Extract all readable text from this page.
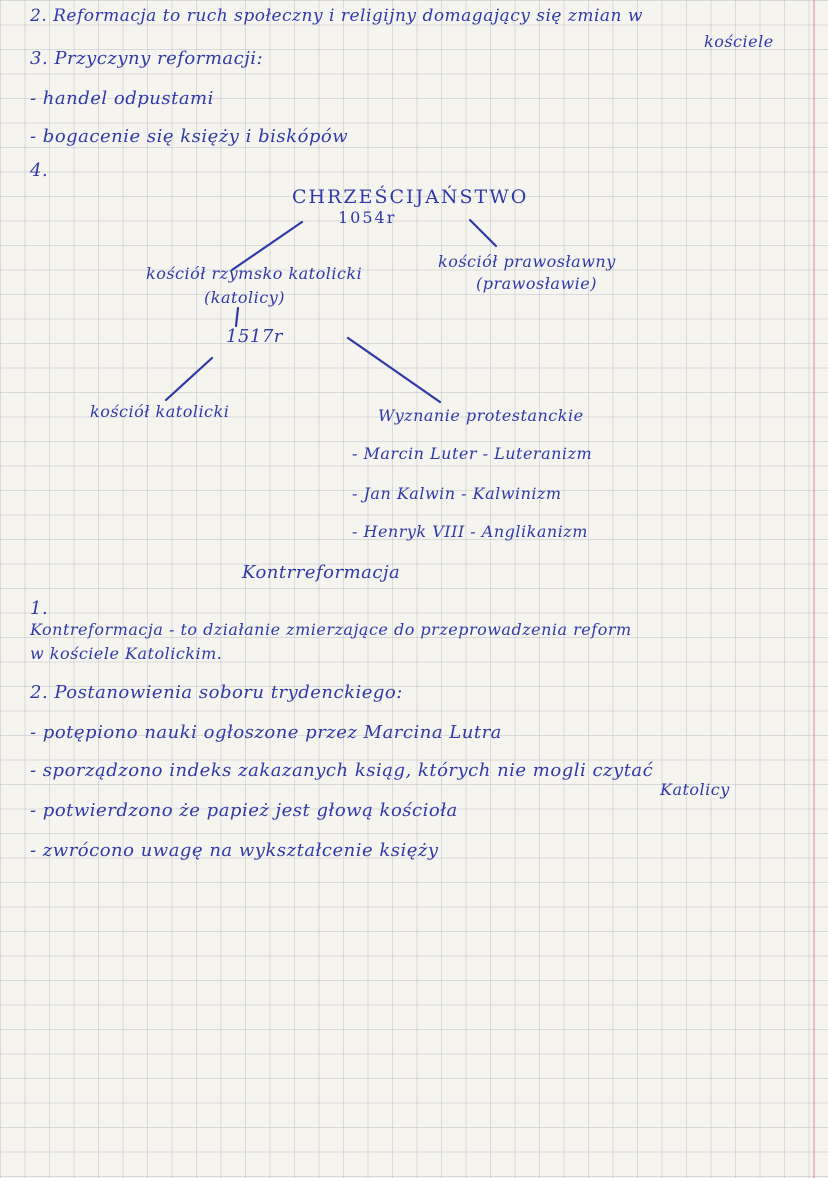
2. Reformacja to ruch społeczny i religijny domagający się zmian w
kościele
3. Przyczyny reformacji:
- handel odpustami
- bogacenie się księży i biskópów
4.
CHRZEŚCIJAŃSTWO
1054r
kościół rzymsko katolicki
(katolicy)
1517r
kościół prawosławny
(prawosławie)
kościół katolicki	Wyznanie protestanckie
- Marcin Luter - Luteranizm
- Jan Kalwin - Kalwinizm
- Henryk VIII - Anglikanizm
Kontrreformacja
1.
Kontreformacja - to działanie zmierzające do przeprowadzenia reform
w kościele Katolickim.
2. Postanowienia soboru trydenckiego:
- potępiono nauki ogłoszone przez Marcina Lutra
- sporządzono indeks zakazanych ksiąg, których nie mogli czytać
Katolicy
- potwierdzono że papież jest głową kościoła
- zwrócono uwagę na wykształcenie księży
